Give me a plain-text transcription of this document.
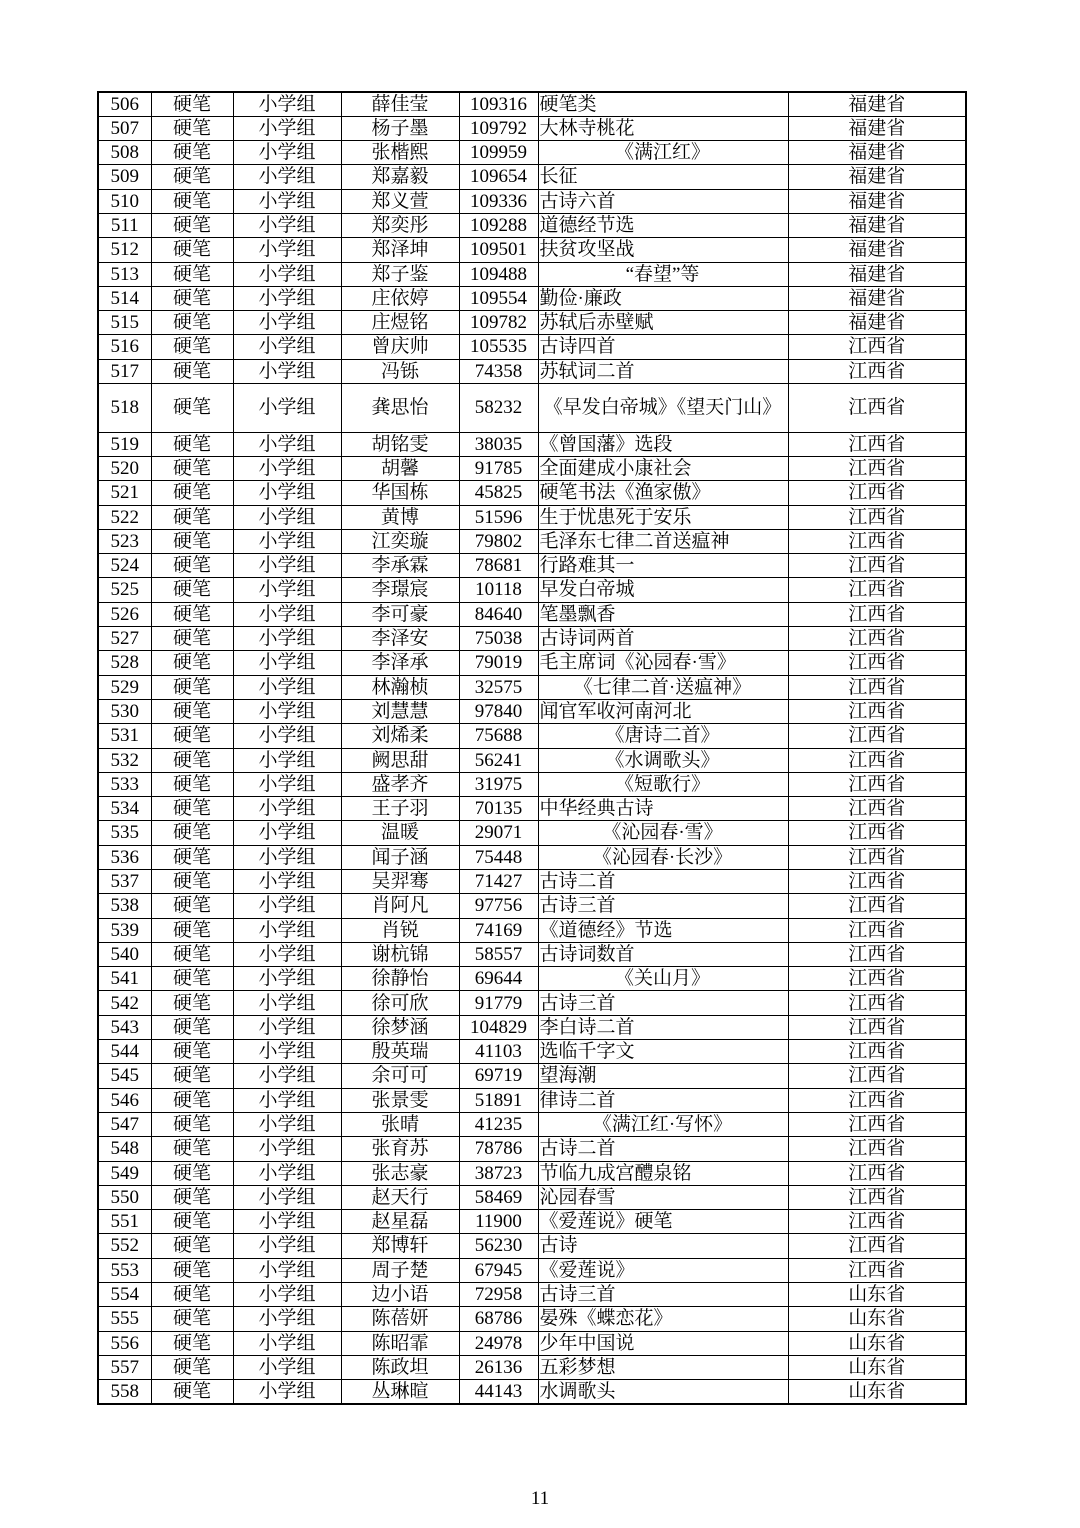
506	硬笔	小学组	薛佳莹	109316	硬笔类	福建省
507	硬笔	小学组	杨子墨	109792	大林寺桃花	福建省
508	硬笔	小学组	张楷熙	109959	《满江红》	福建省
509	硬笔	小学组	郑嘉毅	109654	长征	福建省
510	硬笔	小学组	郑义萱	109336	古诗六首	福建省
511	硬笔	小学组	郑奕彤	109288	道德经节选	福建省
512	硬笔	小学组	郑泽坤	109501	扶贫攻坚战	福建省
513	硬笔	小学组	郑子鉴	109488	“春望”等	福建省
514	硬笔	小学组	庄依婷	109554	勤俭·廉政	福建省
515	硬笔	小学组	庄煜铭	109782	苏轼后赤壁赋	福建省
516	硬笔	小学组	曾庆帅	105535	古诗四首	江西省
517	硬笔	小学组	冯铄	74358	苏轼词二首	江西省
518	硬笔	小学组	龚思怡	58232	《早发白帝城》《望天门山》	江西省
519	硬笔	小学组	胡铭雯	38035	《曾国藩》选段	江西省
520	硬笔	小学组	胡馨	91785	全面建成小康社会	江西省
521	硬笔	小学组	华国栋	45825	硬笔书法《渔家傲》	江西省
522	硬笔	小学组	黄博	51596	生于忧患死于安乐	江西省
523	硬笔	小学组	江奕璇	79802	毛泽东七律二首送瘟神	江西省
524	硬笔	小学组	李承霖	78681	行路难其一	江西省
525	硬笔	小学组	李璟宸	10118	早发白帝城	江西省
526	硬笔	小学组	李可豪	84640	笔墨飘香	江西省
527	硬笔	小学组	李泽安	75038	古诗词两首	江西省
528	硬笔	小学组	李泽承	79019	毛主席词《沁园春·雪》	江西省
529	硬笔	小学组	林瀚桢	32575	《七律二首·送瘟神》	江西省
530	硬笔	小学组	刘慧慧	97840	闻官军收河南河北	江西省
531	硬笔	小学组	刘烯柔	75688	《唐诗二首》	江西省
532	硬笔	小学组	阙思甜	56241	《水调歌头》	江西省
533	硬笔	小学组	盛孝齐	31975	《短歌行》	江西省
534	硬笔	小学组	王子羽	70135	中华经典古诗	江西省
535	硬笔	小学组	温暖	29071	《沁园春·雪》	江西省
536	硬笔	小学组	闻子涵	75448	《沁园春·长沙》	江西省
537	硬笔	小学组	吴羿骞	71427	古诗二首	江西省
538	硬笔	小学组	肖阿凡	97756	古诗三首	江西省
539	硬笔	小学组	肖锐	74169	《道德经》节选	江西省
540	硬笔	小学组	谢杭锦	58557	古诗词数首	江西省
541	硬笔	小学组	徐静怡	69644	《关山月》	江西省
542	硬笔	小学组	徐可欣	91779	古诗三首	江西省
543	硬笔	小学组	徐梦涵	104829	李白诗二首	江西省
544	硬笔	小学组	殷英瑞	41103	选临千字文	江西省
545	硬笔	小学组	余可可	69719	望海潮	江西省
546	硬笔	小学组	张景雯	51891	律诗二首	江西省
547	硬笔	小学组	张晴	41235	《满江红·写怀》	江西省
548	硬笔	小学组	张育苏	78786	古诗二首	江西省
549	硬笔	小学组	张志豪	38723	节临九成宫醴泉铭	江西省
550	硬笔	小学组	赵天行	58469	沁园春雪	江西省
551	硬笔	小学组	赵星磊	11900	《爱莲说》硬笔	江西省
552	硬笔	小学组	郑博轩	56230	古诗	江西省
553	硬笔	小学组	周子楚	67945	《爱莲说》	江西省
554	硬笔	小学组	边小语	72958	古诗三首	山东省
555	硬笔	小学组	陈蓓妍	68786	晏殊《蝶恋花》	山东省
556	硬笔	小学组	陈昭霏	24978	少年中国说	山东省
557	硬笔	小学组	陈政坦	26136	五彩梦想	山东省
558	硬笔	小学组	丛琳暄	44143	水调歌头	山东省
11
